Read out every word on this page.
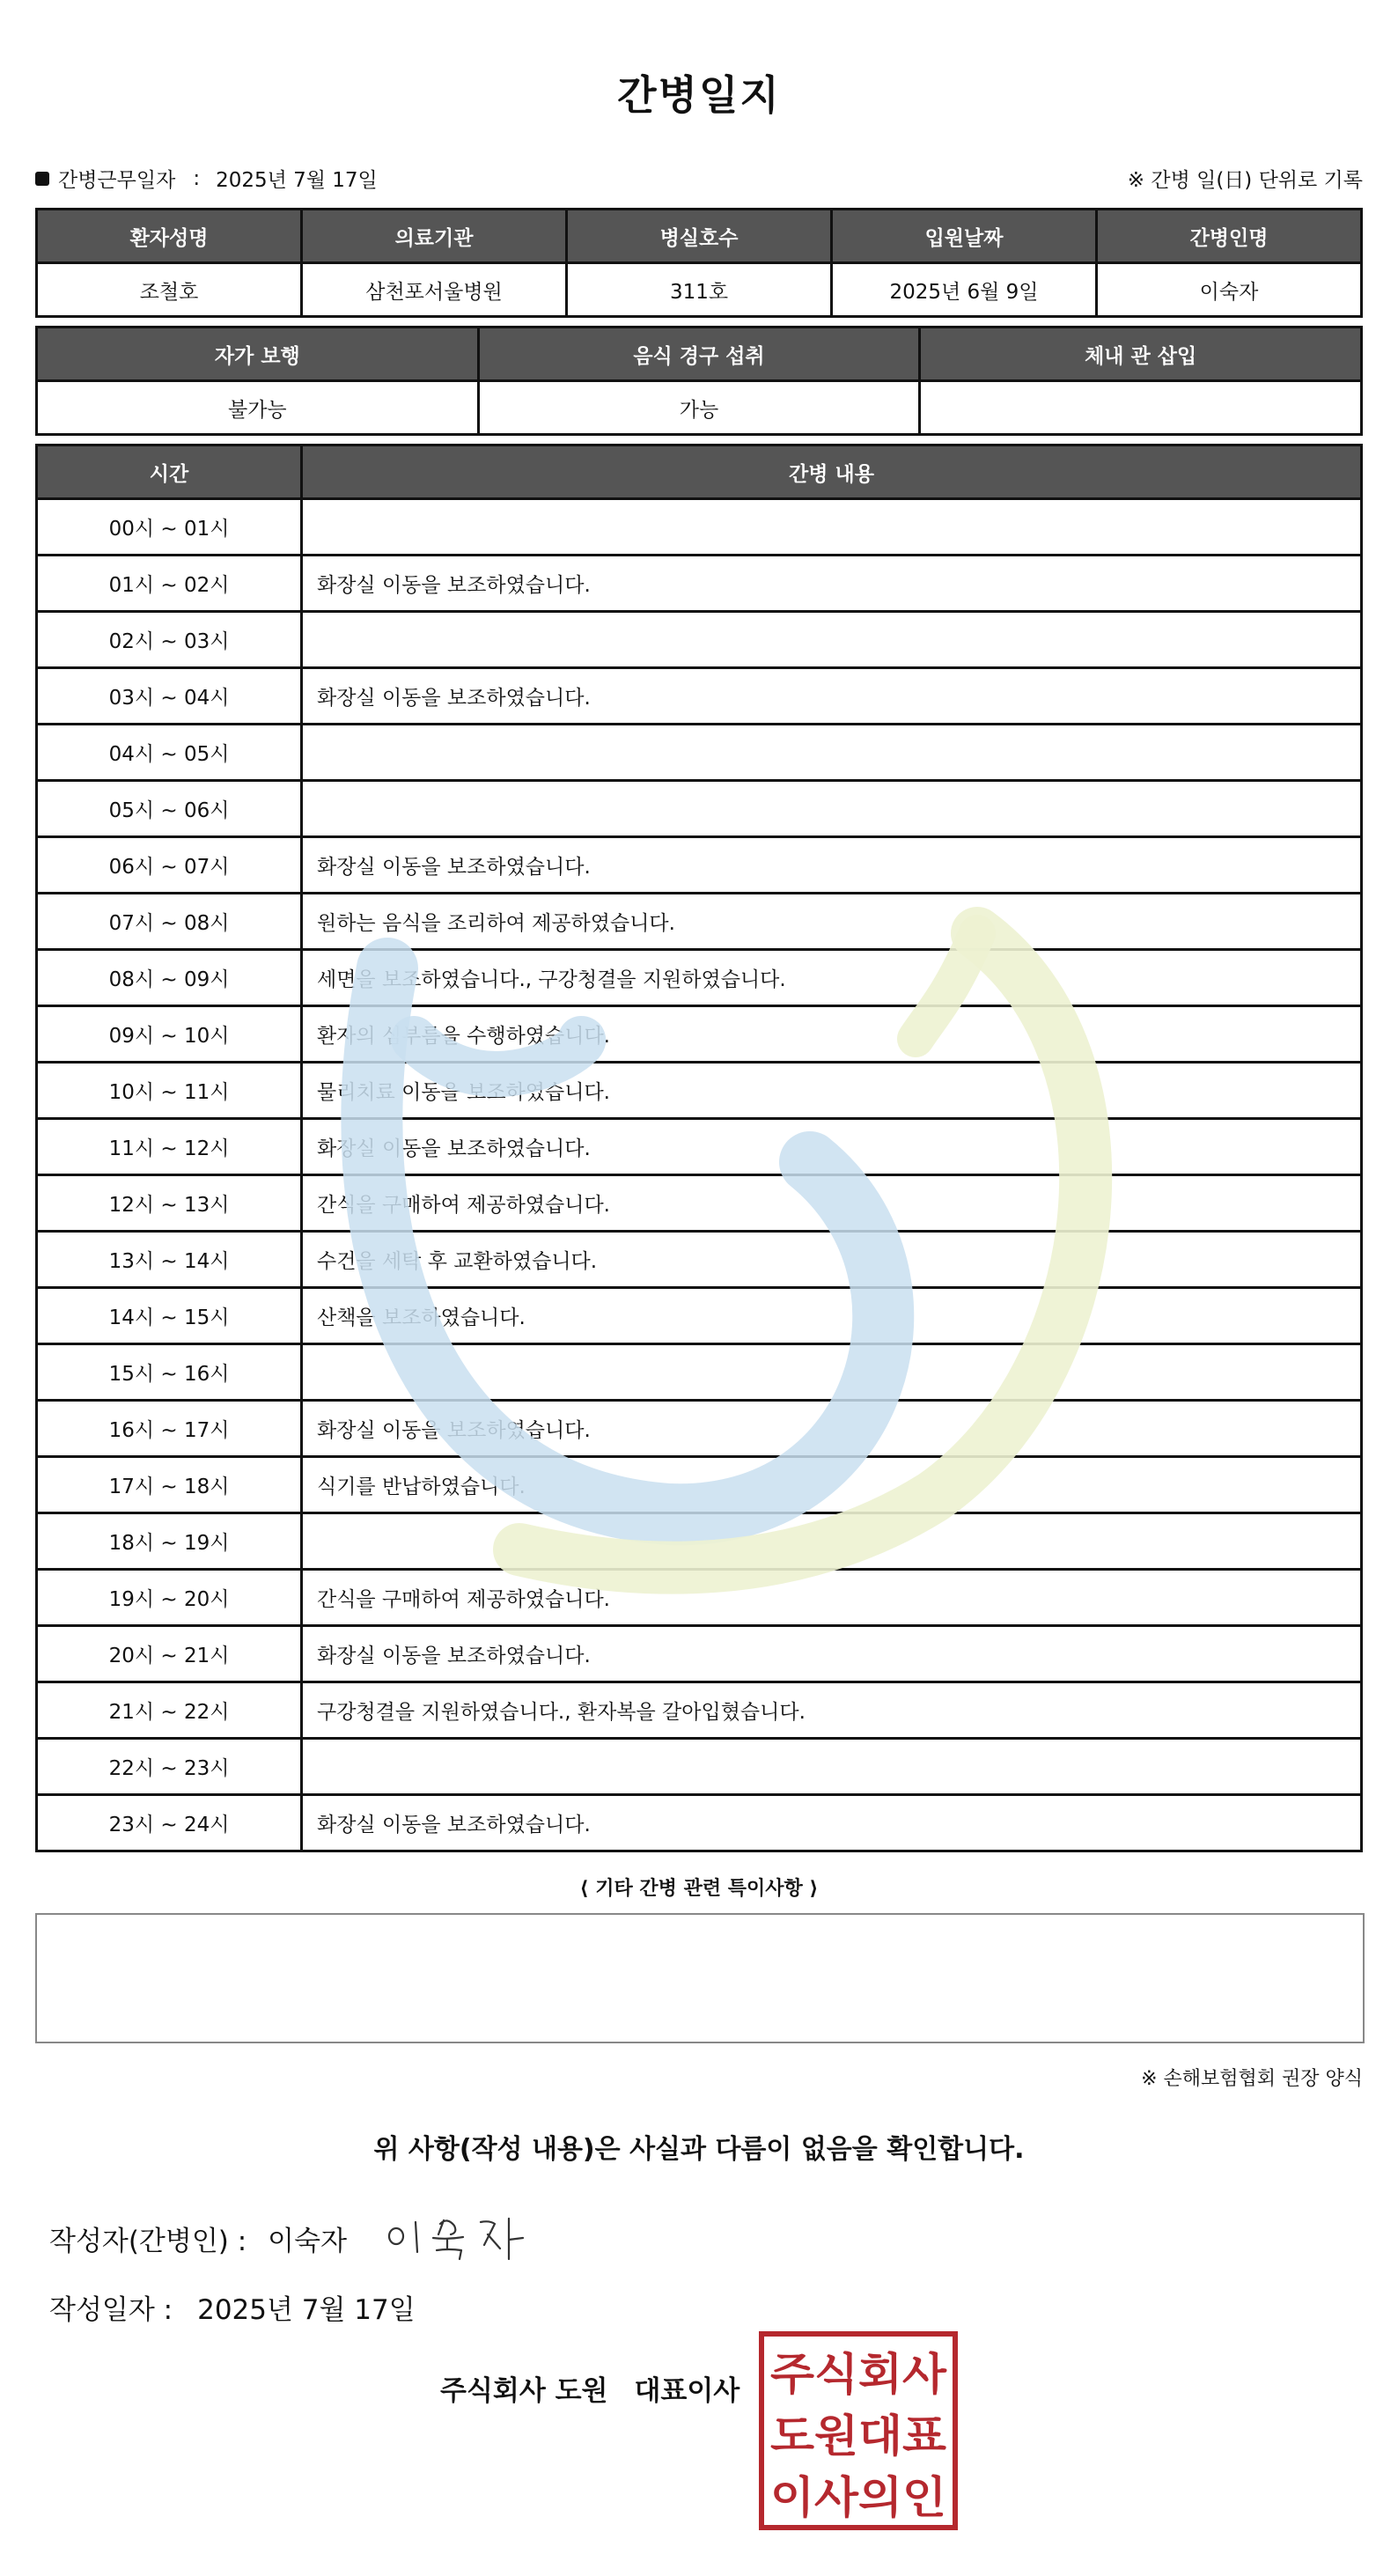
간병일지
간병근무일자 : 2025년 7월 17일	※ 간병 일(日) 단위로 기록
환자성명	의료기관	병실호수	입원날짜	간병인명
조철호	삼천포서울병원	311호	2025년 6월 9일	이숙자
자가 보행	음식 경구 섭취	체내 관 삽입
불가능	가능	
시간	간병 내용
00시 ~ 01시	
01시 ~ 02시	화장실 이동을 보조하였습니다.
02시 ~ 03시	
03시 ~ 04시	화장실 이동을 보조하였습니다.
04시 ~ 05시	
05시 ~ 06시	
06시 ~ 07시	화장실 이동을 보조하였습니다.
07시 ~ 08시	원하는 음식을 조리하여 제공하였습니다.
08시 ~ 09시	세면을 보조하였습니다., 구강청결을 지원하였습니다.
09시 ~ 10시	환자의 심부름을 수행하였습니다.
10시 ~ 11시	물리치료 이동을 보조하였습니다.
11시 ~ 12시	화장실 이동을 보조하였습니다.
12시 ~ 13시	간식을 구매하여 제공하였습니다.
13시 ~ 14시	수건을 세탁 후 교환하였습니다.
14시 ~ 15시	산책을 보조하였습니다.
15시 ~ 16시	
16시 ~ 17시	화장실 이동을 보조하였습니다.
17시 ~ 18시	식기를 반납하였습니다.
18시 ~ 19시	
19시 ~ 20시	간식을 구매하여 제공하였습니다.
20시 ~ 21시	화장실 이동을 보조하였습니다.
21시 ~ 22시	구강청결을 지원하였습니다., 환자복을 갈아입혔습니다.
22시 ~ 23시	
23시 ~ 24시	화장실 이동을 보조하였습니다.
⟨ 기타 간병 관련 특이사항 ⟩
※ 손해보험협회 권장 양식
위 사항(작성 내용)은 사실과 다름이 없음을 확인합니다.
작성자(간병인) : 이숙자
작성일자 : 2025년 7월 17일
주식회사 도원 대표이사 주식회사
도원대표
이사의인
